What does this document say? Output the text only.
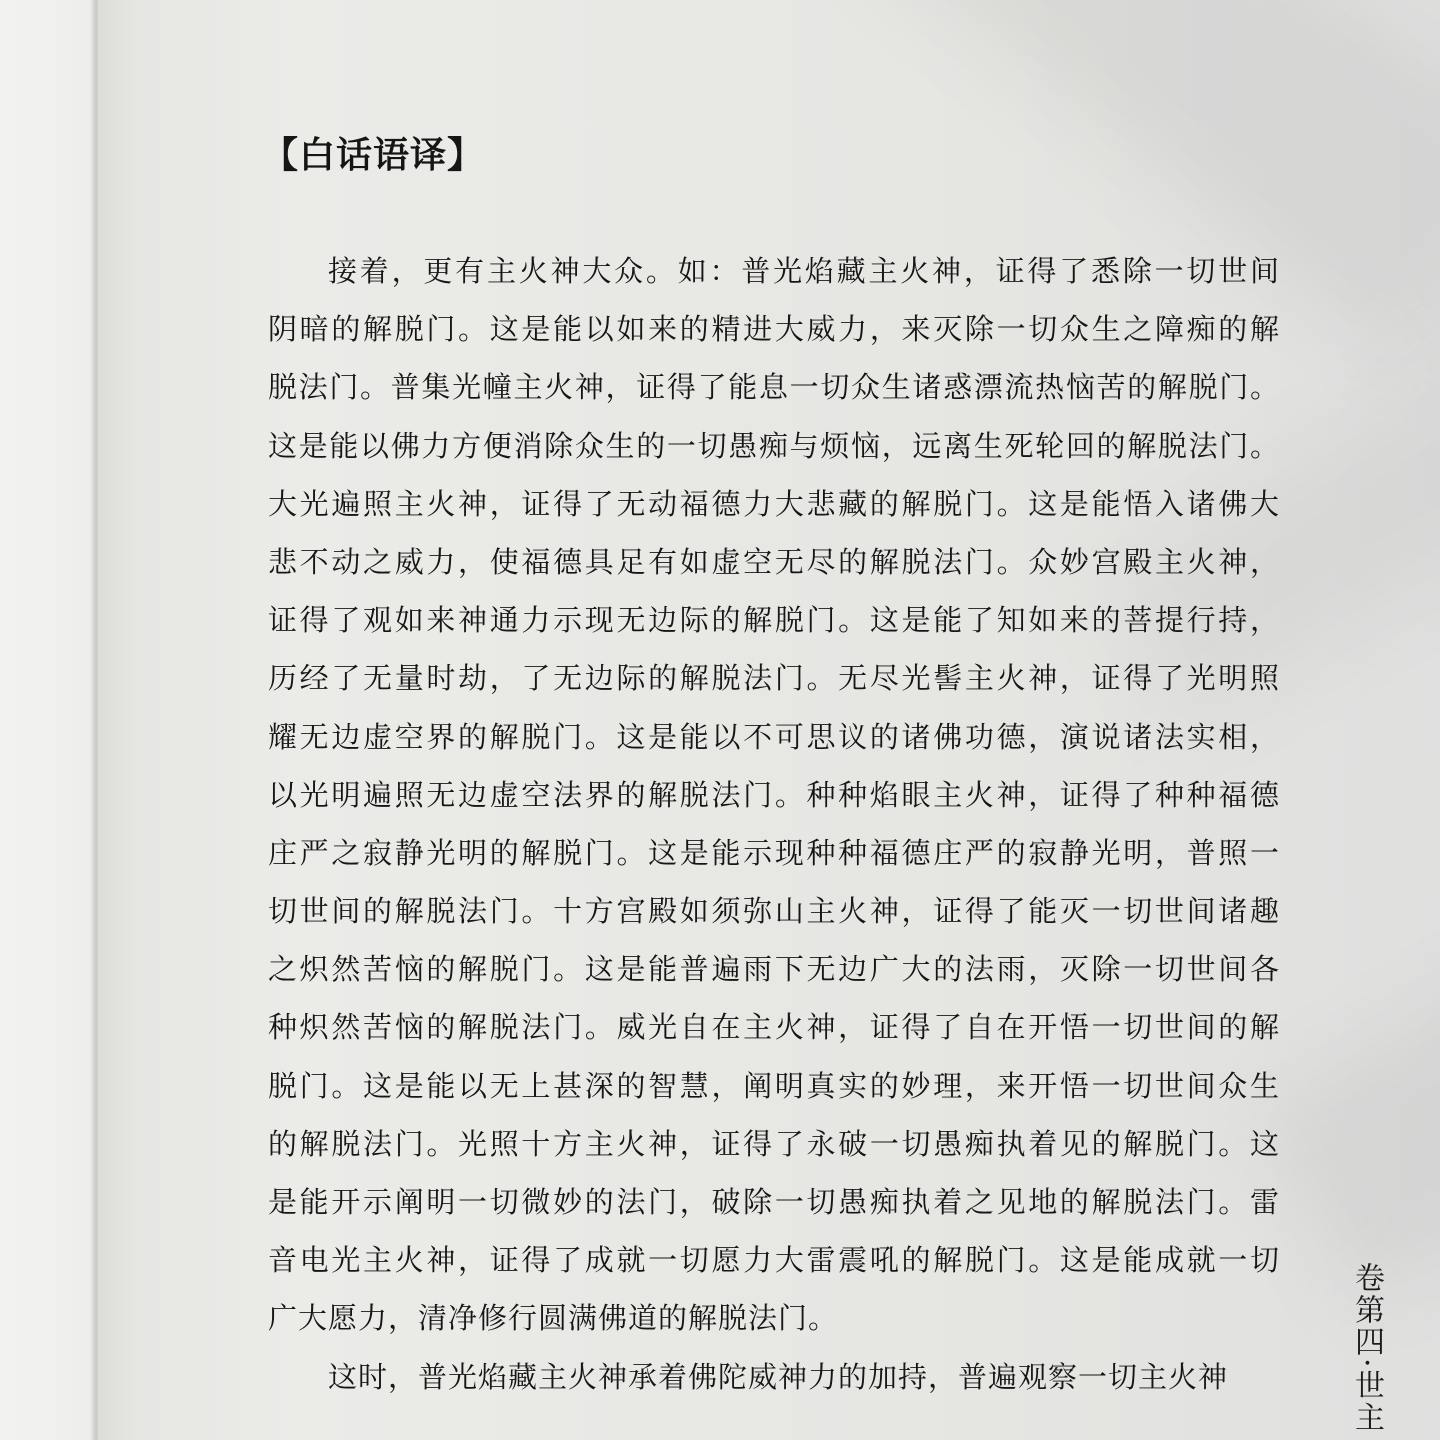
【白话语译】
接着，更有主火神大众。如：普光焰藏主火神，证得了悉除一切世间
阴暗的解脱门。这是能以如来的精进大威力，来灭除一切众生之障痴的解
脱法门。普集光幢主火神，证得了能息一切众生诸惑漂流热恼苦的解脱门。
这是能以佛力方便消除众生的一切愚痴与烦恼，远离生死轮回的解脱法门。
大光遍照主火神，证得了无动福德力大悲藏的解脱门。这是能悟入诸佛大
悲不动之威力，使福德具足有如虚空无尽的解脱法门。众妙宫殿主火神，
证得了观如来神通力示现无边际的解脱门。这是能了知如来的菩提行持，
历经了无量时劫，了无边际的解脱法门。无尽光髻主火神，证得了光明照
耀无边虚空界的解脱门。这是能以不可思议的诸佛功德，演说诸法实相，
以光明遍照无边虚空法界的解脱法门。种种焰眼主火神，证得了种种福德
庄严之寂静光明的解脱门。这是能示现种种福德庄严的寂静光明，普照一
切世间的解脱法门。十方宫殿如须弥山主火神，证得了能灭一切世间诸趣
之炽然苦恼的解脱门。这是能普遍雨下无边广大的法雨，灭除一切世间各
种炽然苦恼的解脱法门。威光自在主火神，证得了自在开悟一切世间的解
脱门。这是能以无上甚深的智慧，阐明真实的妙理，来开悟一切世间众生
的解脱法门。光照十方主火神，证得了永破一切愚痴执着见的解脱门。这
是能开示阐明一切微妙的法门，破除一切愚痴执着之见地的解脱法门。雷
音电光主火神，证得了成就一切愿力大雷震吼的解脱门。这是能成就一切
广大愿力，清净修行圆满佛道的解脱法门。
这时，普光焰藏主火神承着佛陀威神力的加持，普遍观察一切主火神	卷第四·世主
